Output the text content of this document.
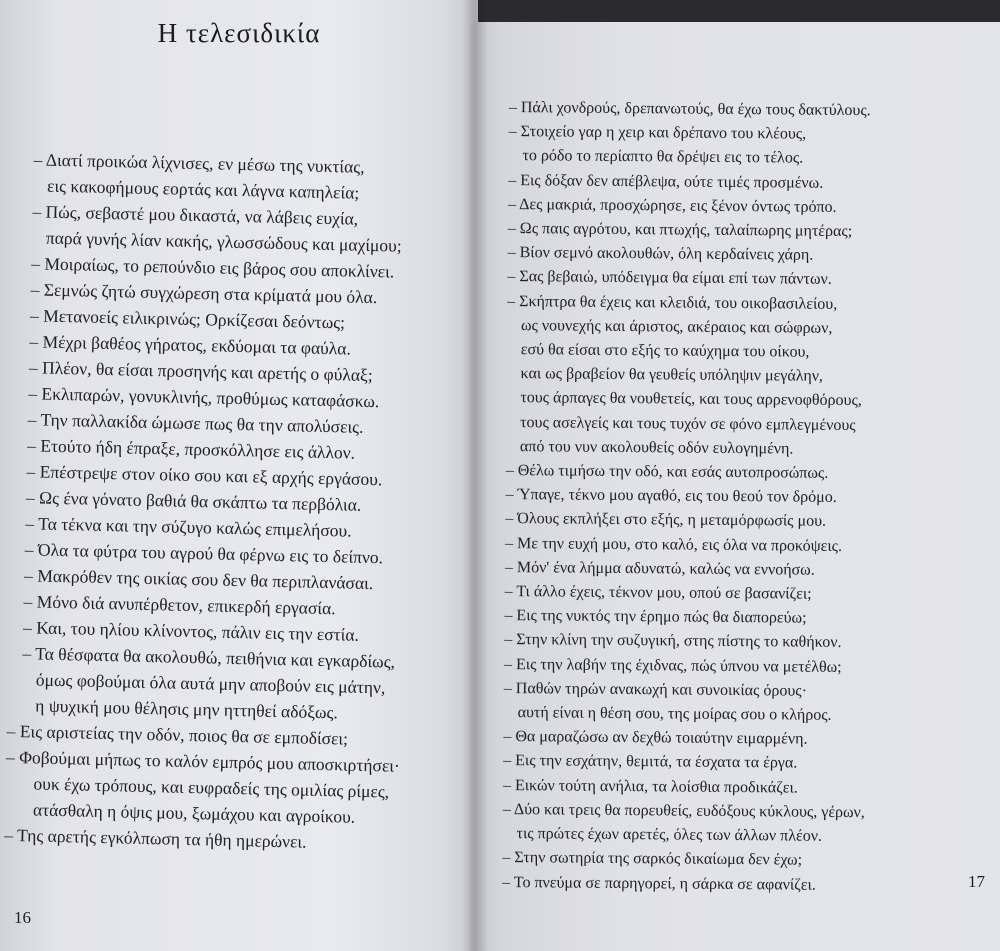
Η τελεσιδικία
– Διατί προικώα λίχνισες, εν μέσω της νυκτίας,
εις κακοφήμους εορτάς και λάγνα καπηλεία;
– Πώς, σεβαστέ μου δικαστά, να λάβεις ευχία,
παρά γυνής λίαν κακής, γλωσσώδους και μαχίμου;
– Μοιραίως, το ρεπούνδιο εις βάρος σου αποκλίνει.
– Σεμνώς ζητώ συγχώρεση στα κρίματά μου όλα.
– Μετανοείς ειλικρινώς; Ορκίζεσαι δεόντως;
– Μέχρι βαθέος γήρατος, εκδύομαι τα φαύλα.
– Πλέον, θα είσαι προσηνής και αρετής ο φύλαξ;
– Εκλιπαρών, γονυκλινής, προθύμως καταφάσκω.
– Την παλλακίδα ώμωσε πως θα την απολύσεις.
– Ετούτο ήδη έπραξε, προσκόλλησε εις άλλον.
– Επέστρεψε στον οίκο σου και εξ αρχής εργάσου.
– Ως ένα γόνατο βαθιά θα σκάπτω τα περβόλια.
– Τα τέκνα και την σύζυγο καλώς επιμελήσου.
– Όλα τα φύτρα του αγρού θα φέρνω εις το δείπνο.
– Μακρόθεν της οικίας σου δεν θα περιπλανάσαι.
– Μόνο διά ανυπέρθετον, επικερδή εργασία.
– Και, του ηλίου κλίνοντος, πάλιν εις την εστία.
– Τα θέσφατα θα ακολουθώ, πειθήνια και εγκαρδίως,
όμως φοβούμαι όλα αυτά μην αποβούν εις μάτην,
η ψυχική μου θέλησις μην ηττηθεί αδόξως.
– Εις αριστείας την οδόν, ποιος θα σε εμποδίσει;
– Φοβούμαι μήπως το καλόν εμπρός μου αποσκιρτήσει·
ουκ έχω τρόπους, και ευφραδείς της ομιλίας ρίμες,
ατάσθαλη η όψις μου, ξωμάχου και αγροίκου.
– Της αρετής εγκόλπωση τα ήθη ημερώνει.
16
– Πάλι χονδρούς, δρεπανωτούς, θα έχω τους δακτύλους.
– Στοιχείο γαρ η χειρ και δρέπανο του κλέους,
το ρόδο το περίαπτο θα δρέψει εις το τέλος.
– Εις δόξαν δεν απέβλεψα, ούτε τιμές προσμένω.
– Δες μακριά, προσχώρησε, εις ξένον όντως τρόπο.
– Ως παις αγρότου, και πτωχής, ταλαίπωρης μητέρας;
– Βίον σεμνό ακολουθών, όλη κερδαίνεις χάρη.
– Σας βεβαιώ, υπόδειγμα θα είμαι επί των πάντων.
– Σκήπτρα θα έχεις και κλειδιά, του οικοβασιλείου,
ως νουνεχής και άριστος, ακέραιος και σώφρων,
εσύ θα είσαι στο εξής το καύχημα του οίκου,
και ως βραβείον θα γευθείς υπόληψιν μεγάλην,
τους άρπαγες θα νουθετείς, και τους αρρενοφθόρους,
τους ασελγείς και τους τυχόν σε φόνο εμπλεγμένους
από του νυν ακολουθείς οδόν ευλογημένη.
– Θέλω τιμήσω την οδό, και εσάς αυτοπροσώπως.
– Ύπαγε, τέκνο μου αγαθό, εις του θεού τον δρόμο.
– Όλους εκπλήξει στο εξής, η μεταμόρφωσίς μου.
– Με την ευχή μου, στο καλό, εις όλα να προκόψεις.
– Μόν' ένα λήμμα αδυνατώ, καλώς να εννοήσω.
– Τι άλλο έχεις, τέκνον μου, οπού σε βασανίζει;
– Εις της νυκτός την έρημο πώς θα διαπορεύω;
– Στην κλίνη την συζυγική, στης πίστης το καθήκον.
– Εις την λαβήν της έχιδνας, πώς ύπνου να μετέλθω;
– Παθών τηρών ανακωχή και συνοικίας όρους·
αυτή είναι η θέση σου, της μοίρας σου ο κλήρος.
– Θα μαραζώσω αν δεχθώ τοιαύτην ειμαρμένη.
– Εις την εσχάτην, θεμιτά, τα έσχατα τα έργα.
– Εικών τούτη ανήλια, τα λοίσθια προδικάζει.
– Δύο και τρεις θα πορευθείς, ευδόξους κύκλους, γέρων,
τις πρώτες έχων αρετές, όλες των άλλων πλέον.
– Στην σωτηρία της σαρκός δικαίωμα δεν έχω;
– Το πνεύμα σε παρηγορεί, η σάρκα σε αφανίζει.	17
